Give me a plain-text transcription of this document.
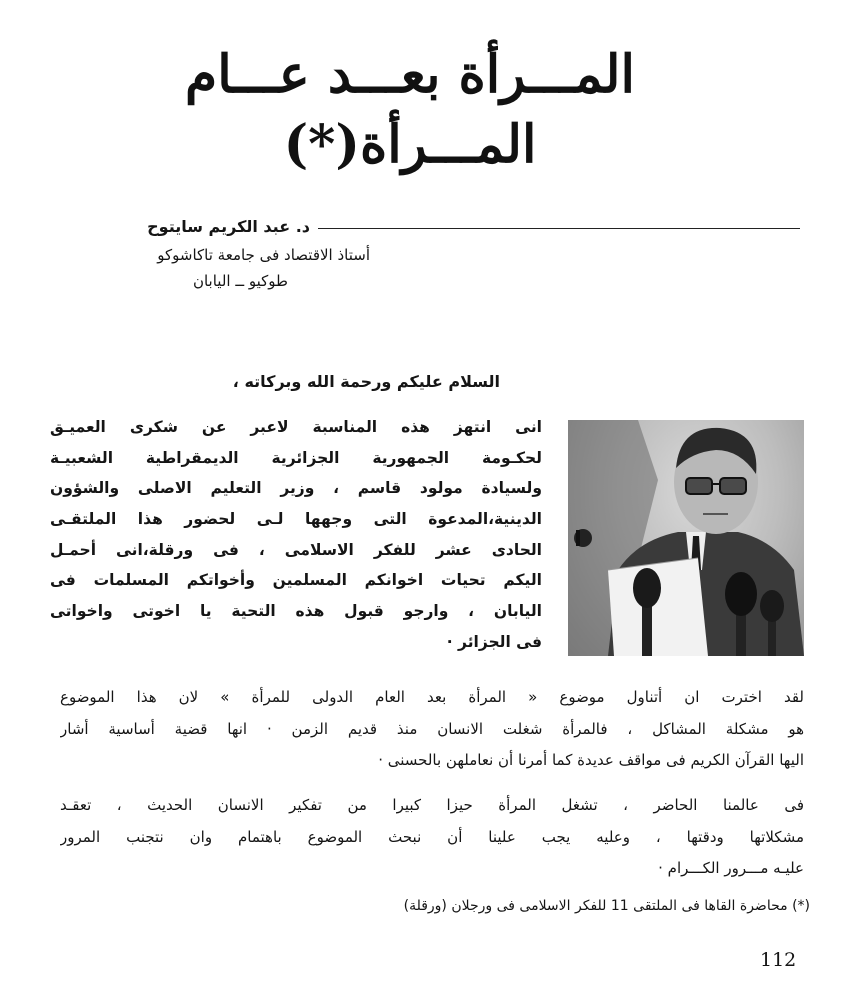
المـــرأة بعـــد عـــام المـــرأة(*)
د. عبد الكريم سايتوح
أستاذ الاقتصاد فى جامعة تاكاشوكو
طوكيو ــ اليابان
السلام عليكم ورحمة الله وبركاته ،
انى انتهز هذه المناسبة لاعبر عن شكرى العميـق
لحكـومة الجمهورية الجزائرية الديمقراطية الشعبيـة
ولسيادة مولود قاسم ، وزير التعليم الاصلى والشؤون
الدينية،المدعوة التى وجهها لـى لحضور هذا الملتقـى
الحادى عشر للفكر الاسلامى ، فى ورقلة،انى أحمـل
اليكم تحيات اخوانكم المسلمين وأخواتكم المسلمات فى
اليابان ، وارجو قبول هذه التحية يا اخوتى واخواتى
فى الجزائر ·
لقد اخترت ان أتناول موضوع « المرأة بعد العام الدولى للمرأة » لان هذا الموضوع
هو مشكلة المشاكل ، فالمرأة شغلت الانسان منذ قديم الزمن · انها قضية أساسية أشار
اليها القرآن الكريم فى مواقف عديدة كما أمرنا أن نعاملهن بالحسنى ·
فى عالمنا الحاضر ، تشغل المرأة حيزا كبيرا من تفكير الانسان الحديث ، تعقـد
مشكلاتها ودقتها ، وعليه يجب علينا أن نبحث الموضوع باهتمام وان نتجنب المرور
عليـه مـــرور الكـــرام ·
(*) محاضرة القاها فى الملتقى 11 للفكر الاسلامى فى ورجلان (ورقلة)
112
